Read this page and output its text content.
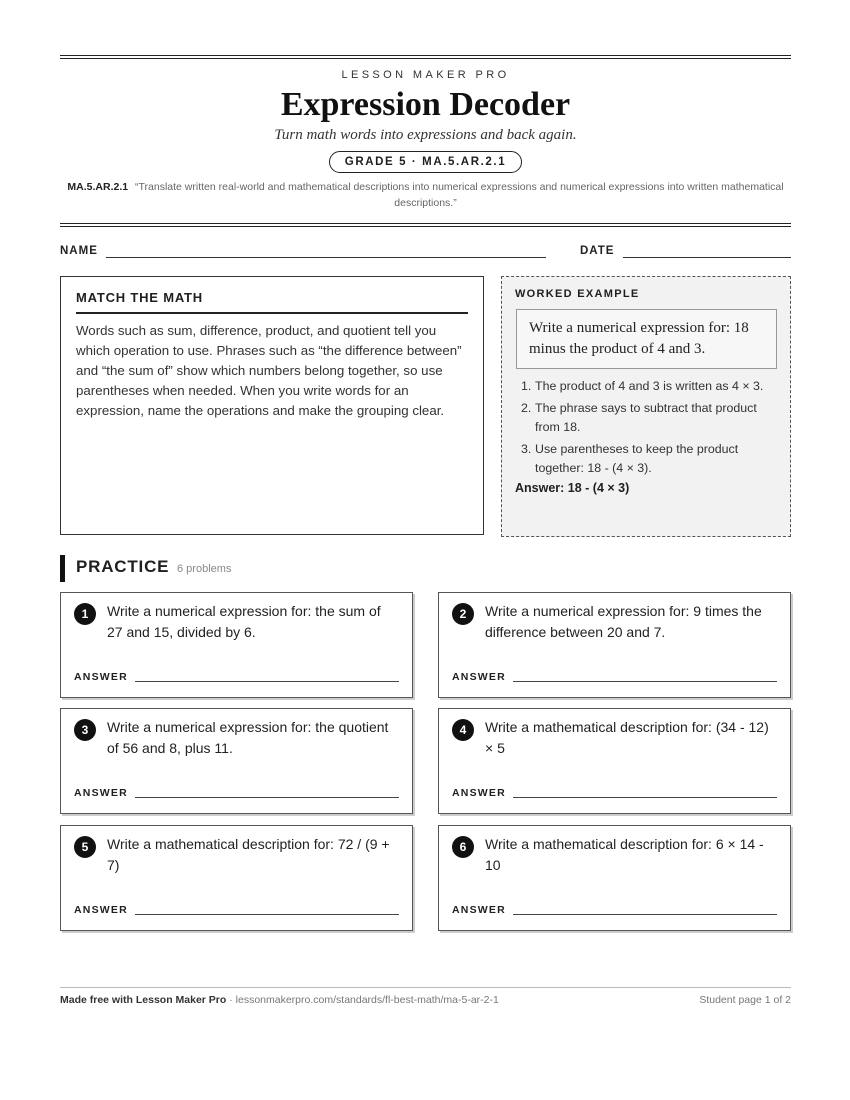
LESSON MAKER PRO
Expression Decoder
Turn math words into expressions and back again.
GRADE 5 · MA.5.AR.2.1
MA.5.AR.2.1 “Translate written real-world and mathematical descriptions into numerical expressions and numerical expressions into written mathematical descriptions.”
NAME	DATE
MATCH THE MATH
Words such as sum, difference, product, and quotient tell you which operation to use. Phrases such as “the difference between” and “the sum of” show which numbers belong together, so use parentheses when needed. When you write words for an expression, name the operations and make the grouping clear.
WORKED EXAMPLE
Write a numerical expression for: 18 minus the product of 4 and 3.
1. The product of 4 and 3 is written as 4 × 3.
2. The phrase says to subtract that product from 18.
3. Use parentheses to keep the product together: 18 - (4 × 3).
Answer: 18 - (4 × 3)
PRACTICE 6 problems
1	Write a numerical expression for: the sum of 27 and 15, divided by 6.
ANSWER
2	Write a numerical expression for: 9 times the difference between 20 and 7.
ANSWER
3	Write a numerical expression for: the quotient of 56 and 8, plus 11.
ANSWER
4	Write a mathematical description for: (34 - 12) × 5
ANSWER
5	Write a mathematical description for: 72 / (9 + 7)
ANSWER
6	Write a mathematical description for: 6 × 14 - 10
ANSWER
Made free with Lesson Maker Pro · lessonmakerpro.com/standards/fl-best-math/ma-5-ar-2-1	Student page 1 of 2
